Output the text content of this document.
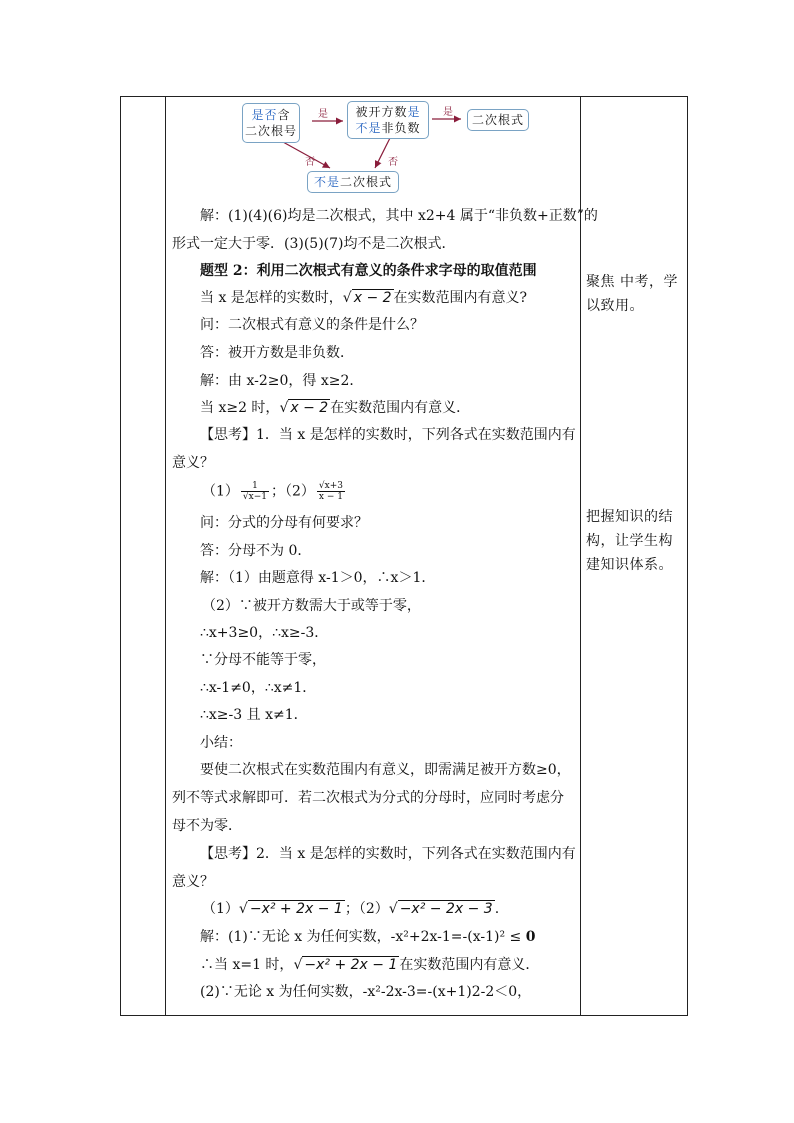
是否含
二次根号
被开方数是
不是非负数
二次根式
不是二次根式
是	是
否	否
解：(1)(4)(6)均是二次根式，其中 x2+4 属于“非负数+正数”的
形式一定大于零．(3)(5)(7)均不是二次根式．
题型 2：利用二次根式有意义的条件求字母的取值范围
当 x 是怎样的实数时，√ x − 2 在实数范围内有意义?
问：二次根式有意义的条件是什么？
答：被开方数是非负数．
解：由 x-2≥0，得 x≥2．
当 x≥2 时，√ x − 2 在实数范围内有意义．
【思考】1．当 x 是怎样的实数时，下列各式在实数范围内有
意义？
$(1) \frac{1}{√x-1}$ ；$(2) \frac{√x+3}{x - 1}$
问：分式的分母有何要求？
答：分母不为 0．
解：（1）由题意得 x-1＞0，∴x＞1．
（2）∵被开方数需大于或等于零，
∴x+3≥0，∴x≥-3．
∵分母不能等于零，
∴x-1≠0，∴x≠1．
∴x≥-3 且 x≠1．
小结：
要使二次根式在实数范围内有意义，即需满足被开方数≥0，
列不等式求解即可．若二次根式为分式的分母时，应同时考虑分
母不为零．
【思考】2．当 x 是怎样的实数时，下列各式在实数范围内有
意义？
（1）√ −x² + 2x − 1 ；（2）√ −x² − 2x − 3 .
解：(1)∵无论 x 为任何实数，-x²+2x-1=-(x-1)² ≤ 0
∴当 x=1 时，√ −x² + 2x − 1 在实数范围内有意义．
(2)∵无论 x 为任何实数，-x²-2x-3=-(x+1)2-2＜0，
聚焦 中考，学以致用。
把握知识的结构，让学生构建知识体系。
